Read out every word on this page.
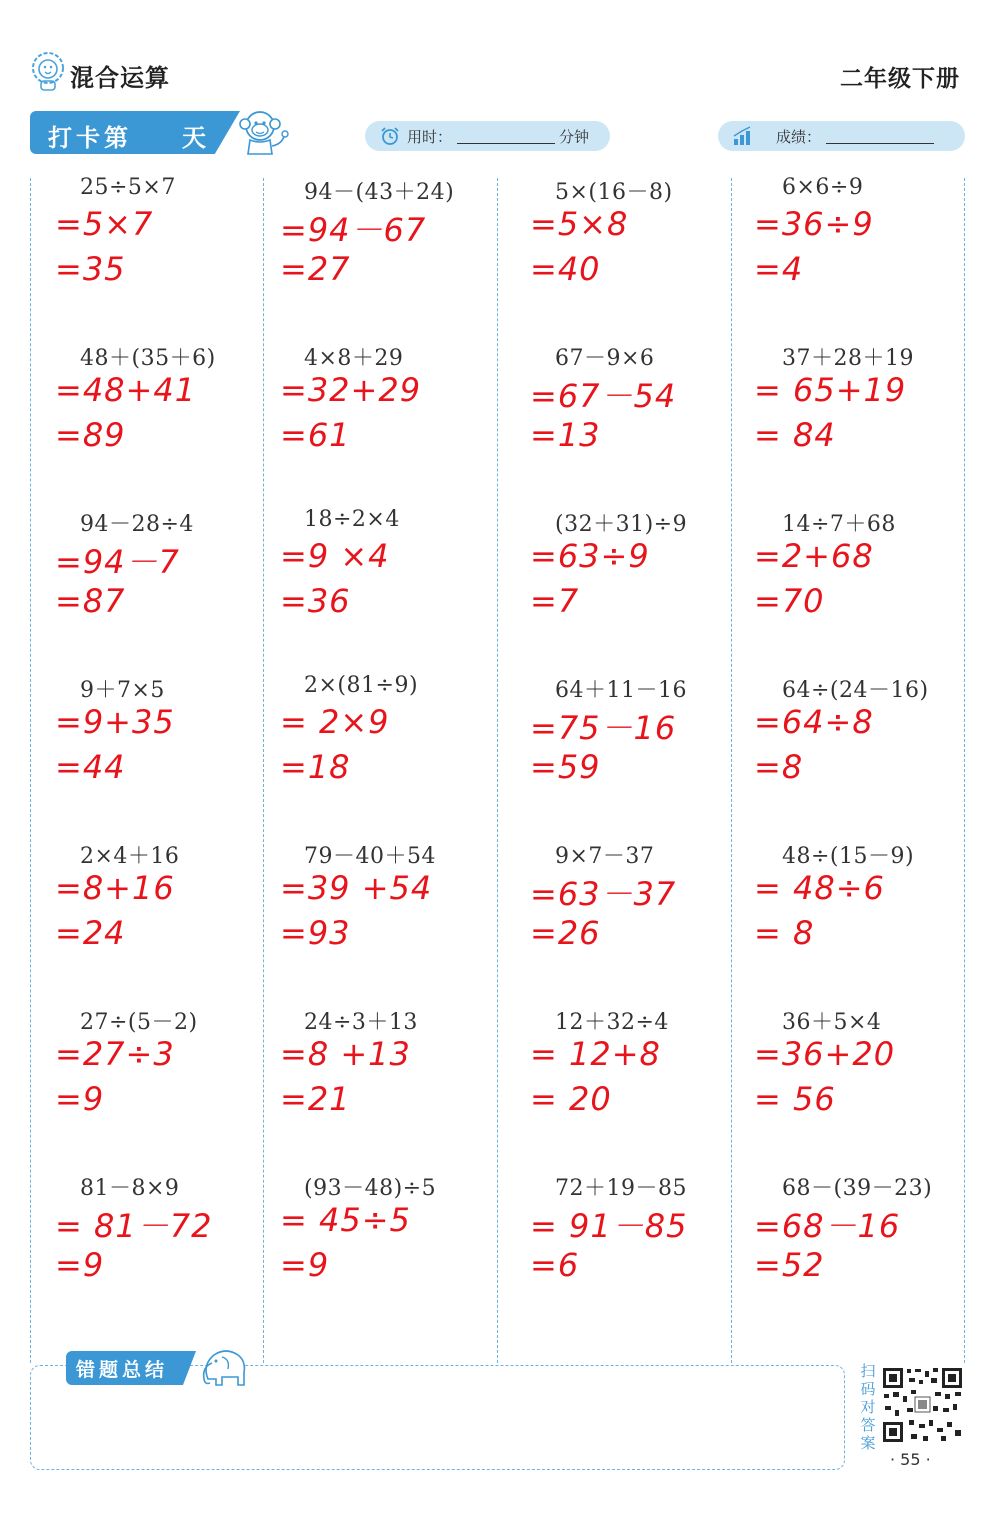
混合运算	二年级下册
打卡第 天	用时：	分钟	成绩：
25÷5×7
=5×7
=35
48＋(35＋6)
=48+41
=89
94－28÷4
=94－7
=87
9＋7×5
=9+35
=44
2×4＋16
=8+16
=24
27÷(5－2)
=27÷3
=9
81－8×9
= 81－72
=9
94－(43＋24)
=94－67
=27
4×8＋29
=32+29
=61
18÷2×4
=9 ×4
=36
2×(81÷9)
= 2×9
=18
79－40＋54
=39 +54
=93
24÷3＋13
=8 +13
=21
(93－48)÷5
= 45÷5
=9
5×(16－8)
=5×8
=40
67－9×6
=67－54
=13
(32＋31)÷9
=63÷9
=7
64＋11－16
=75－16
=59
9×7－37
=63－37
=26
12＋32÷4
= 12+8
= 20
72＋19－85
= 91－85
=6
6×6÷9
=36÷9
=4
37＋28＋19
= 65+19
= 84
14÷7＋68
=2+68
=70
64÷(24－16)
=64÷8
=8
48÷(15－9)
= 48÷6
= 8
36＋5×4
=36+20
= 56
68－(39－23)
=68－16
=52
错题总结	扫码对答案
· 55 ·
